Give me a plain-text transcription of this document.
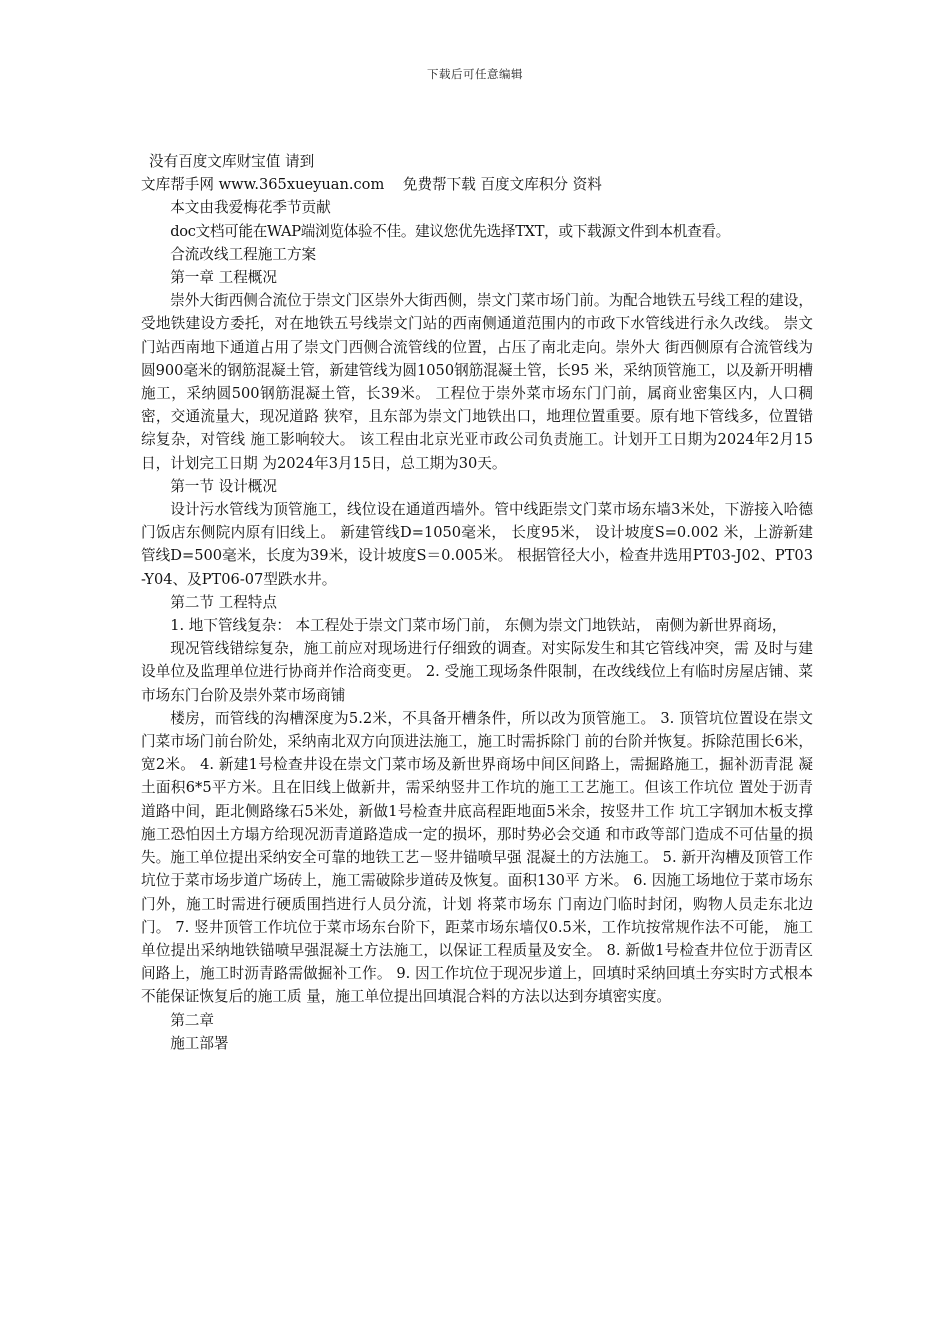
下载后可任意编辑

没有百度文库财宝值 请到

文库帮手网 www.365xueyuan.com    免费帮下载 百度文库积分 资料

本文由我爱梅花季节贡献

doc文档可能在WAP端浏览体验不佳。建议您优先选择TXT，或下载源文件到本机查看。

合流改线工程施工方案

第一章 工程概况

崇外大街西侧合流位于崇文门区崇外大街西侧，崇文门菜市场门前。为配合地铁五号线工程的建设，受地铁建设方委托，对在地铁五号线崇文门站的西南侧通道范围内的市政下水管线进行永久改线。 崇文门站西南地下通道占用了崇文门西侧合流管线的位置，占压了南北走向。崇外大 街西侧原有合流管线为圆900毫米的钢筋混凝土管，新建管线为圆1050钢筋混凝土管，长95 米，采纳顶管施工，以及新开明槽施工，采纳圆500钢筋混凝土管，长39米。 工程位于崇外菜市场东门门前，属商业密集区内，人口稠密，交通流量大，现况道路 狭窄，且东部为崇文门地铁出口，地理位置重要。原有地下管线多，位置错综复杂，对管线 施工影响较大。 该工程由北京光亚市政公司负责施工。计划开工日期为2024年2月15日，计划完工日期 为2024年3月15日，总工期为30天。

第一节 设计概况

设计污水管线为顶管施工，线位设在通道西墙外。管中线距崇文门菜市场东墙3米处，下游接入哈德门饭店东侧院内原有旧线上。 新建管线D=1050毫米， 长度95米， 设计坡度S=0.002 米，上游新建管线D=500毫米，长度为39米，设计坡度S＝0.005米。 根据管径大小，检查井选用PT03-J02、PT03-Y04、及PT06-07型跌水井。

第二节 工程特点

1. 地下管线复杂： 本工程处于崇文门菜市场门前， 东侧为崇文门地铁站， 南侧为新世界商场，

现况管线错综复杂，施工前应对现场进行仔细致的调查。对实际发生和其它管线冲突，需 及时与建设单位及监理单位进行协商并作洽商变更。 2. 受施工现场条件限制，在改线线位上有临时房屋店铺、菜市场东门台阶及崇外菜市场商铺

楼房，而管线的沟槽深度为5.2米，不具备开槽条件，所以改为顶管施工。 3. 顶管坑位置设在崇文门菜市场门前台阶处，采纳南北双方向顶进法施工，施工时需拆除门 前的台阶并恢复。拆除范围长6米，宽2米。 4. 新建1号检查井设在崇文门菜市场及新世界商场中间区间路上，需掘路施工，掘补沥青混 凝土面积6*5平方米。且在旧线上做新井，需采纳竖井工作坑的施工工艺施工。但该工作坑位 置处于沥青道路中间，距北侧路缘石5米处，新做1号检查井底高程距地面5米余，按竖井工作 坑工字钢加木板支撑施工恐怕因土方塌方给现况沥青道路造成一定的损坏，那时势必会交通 和市政等部门造成不可估量的损失。施工单位提出采纳安全可靠的地铁工艺－竖井锚喷早强 混凝土的方法施工。 5. 新开沟槽及顶管工作坑位于菜市场步道广场砖上，施工需破除步道砖及恢复。面积130平 方米。 6. 因施工场地位于菜市场东门外，施工时需进行硬质围挡进行人员分流，计划 将菜市场东 门南边门临时封闭，购物人员走东北边门。 7. 竖井顶管工作坑位于菜市场东台阶下，距菜市场东墙仅0.5米，工作坑按常规作法不可能， 施工单位提出采纳地铁锚喷早强混凝土方法施工，以保证工程质量及安全。 8. 新做1号检查井位位于沥青区间路上，施工时沥青路需做掘补工作。 9. 因工作坑位于现况步道上，回填时采纳回填土夯实时方式根本不能保证恢复后的施工质 量，施工单位提出回填混合料的方法以达到夯填密实度。

第二章

施工部署
